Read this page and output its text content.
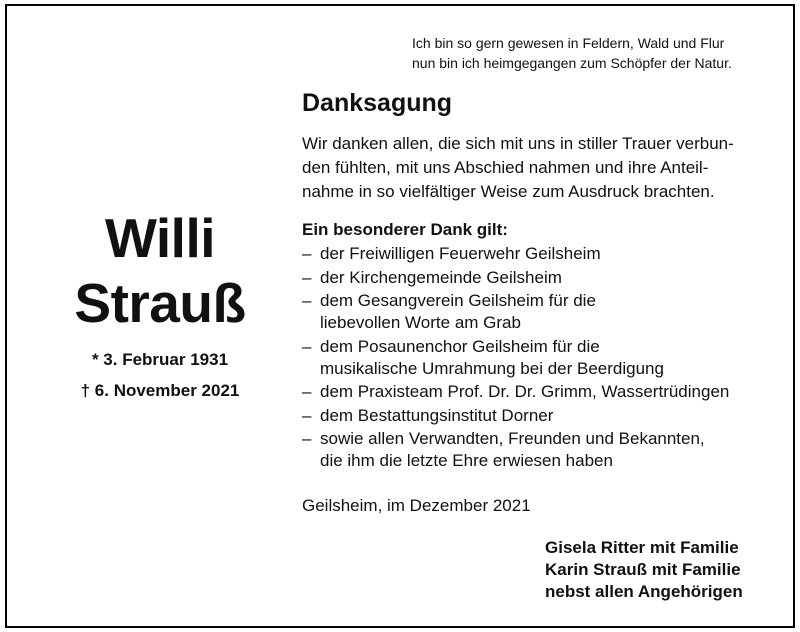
Ich bin so gern gewesen in Feldern, Wald und Flur
nun bin ich heimgegangen zum Schöpfer der Natur.
Willi
Strauß
* 3. Februar 1931
† 6. November 2021
Danksagung
Wir danken allen, die sich mit uns in stiller Trauer verbun-
den fühlten, mit uns Abschied nahmen und ihre Anteil-
nahme in so vielfältiger Weise zum Ausdruck brachten.
Ein besonderer Dank gilt:
– der Freiwilligen Feuerwehr Geilsheim
– der Kirchengemeinde Geilsheim
– dem Gesangverein Geilsheim für die
liebevollen Worte am Grab
– dem Posaunenchor Geilsheim für die
musikalische Umrahmung bei der Beerdigung
– dem Praxisteam Prof. Dr. Dr. Grimm, Wassertrüdingen
– dem Bestattungsinstitut Dorner
– sowie allen Verwandten, Freunden und Bekannten,
die ihm die letzte Ehre erwiesen haben
Geilsheim, im Dezember 2021
Gisela Ritter mit Familie
Karin Strauß mit Familie
nebst allen Angehörigen
